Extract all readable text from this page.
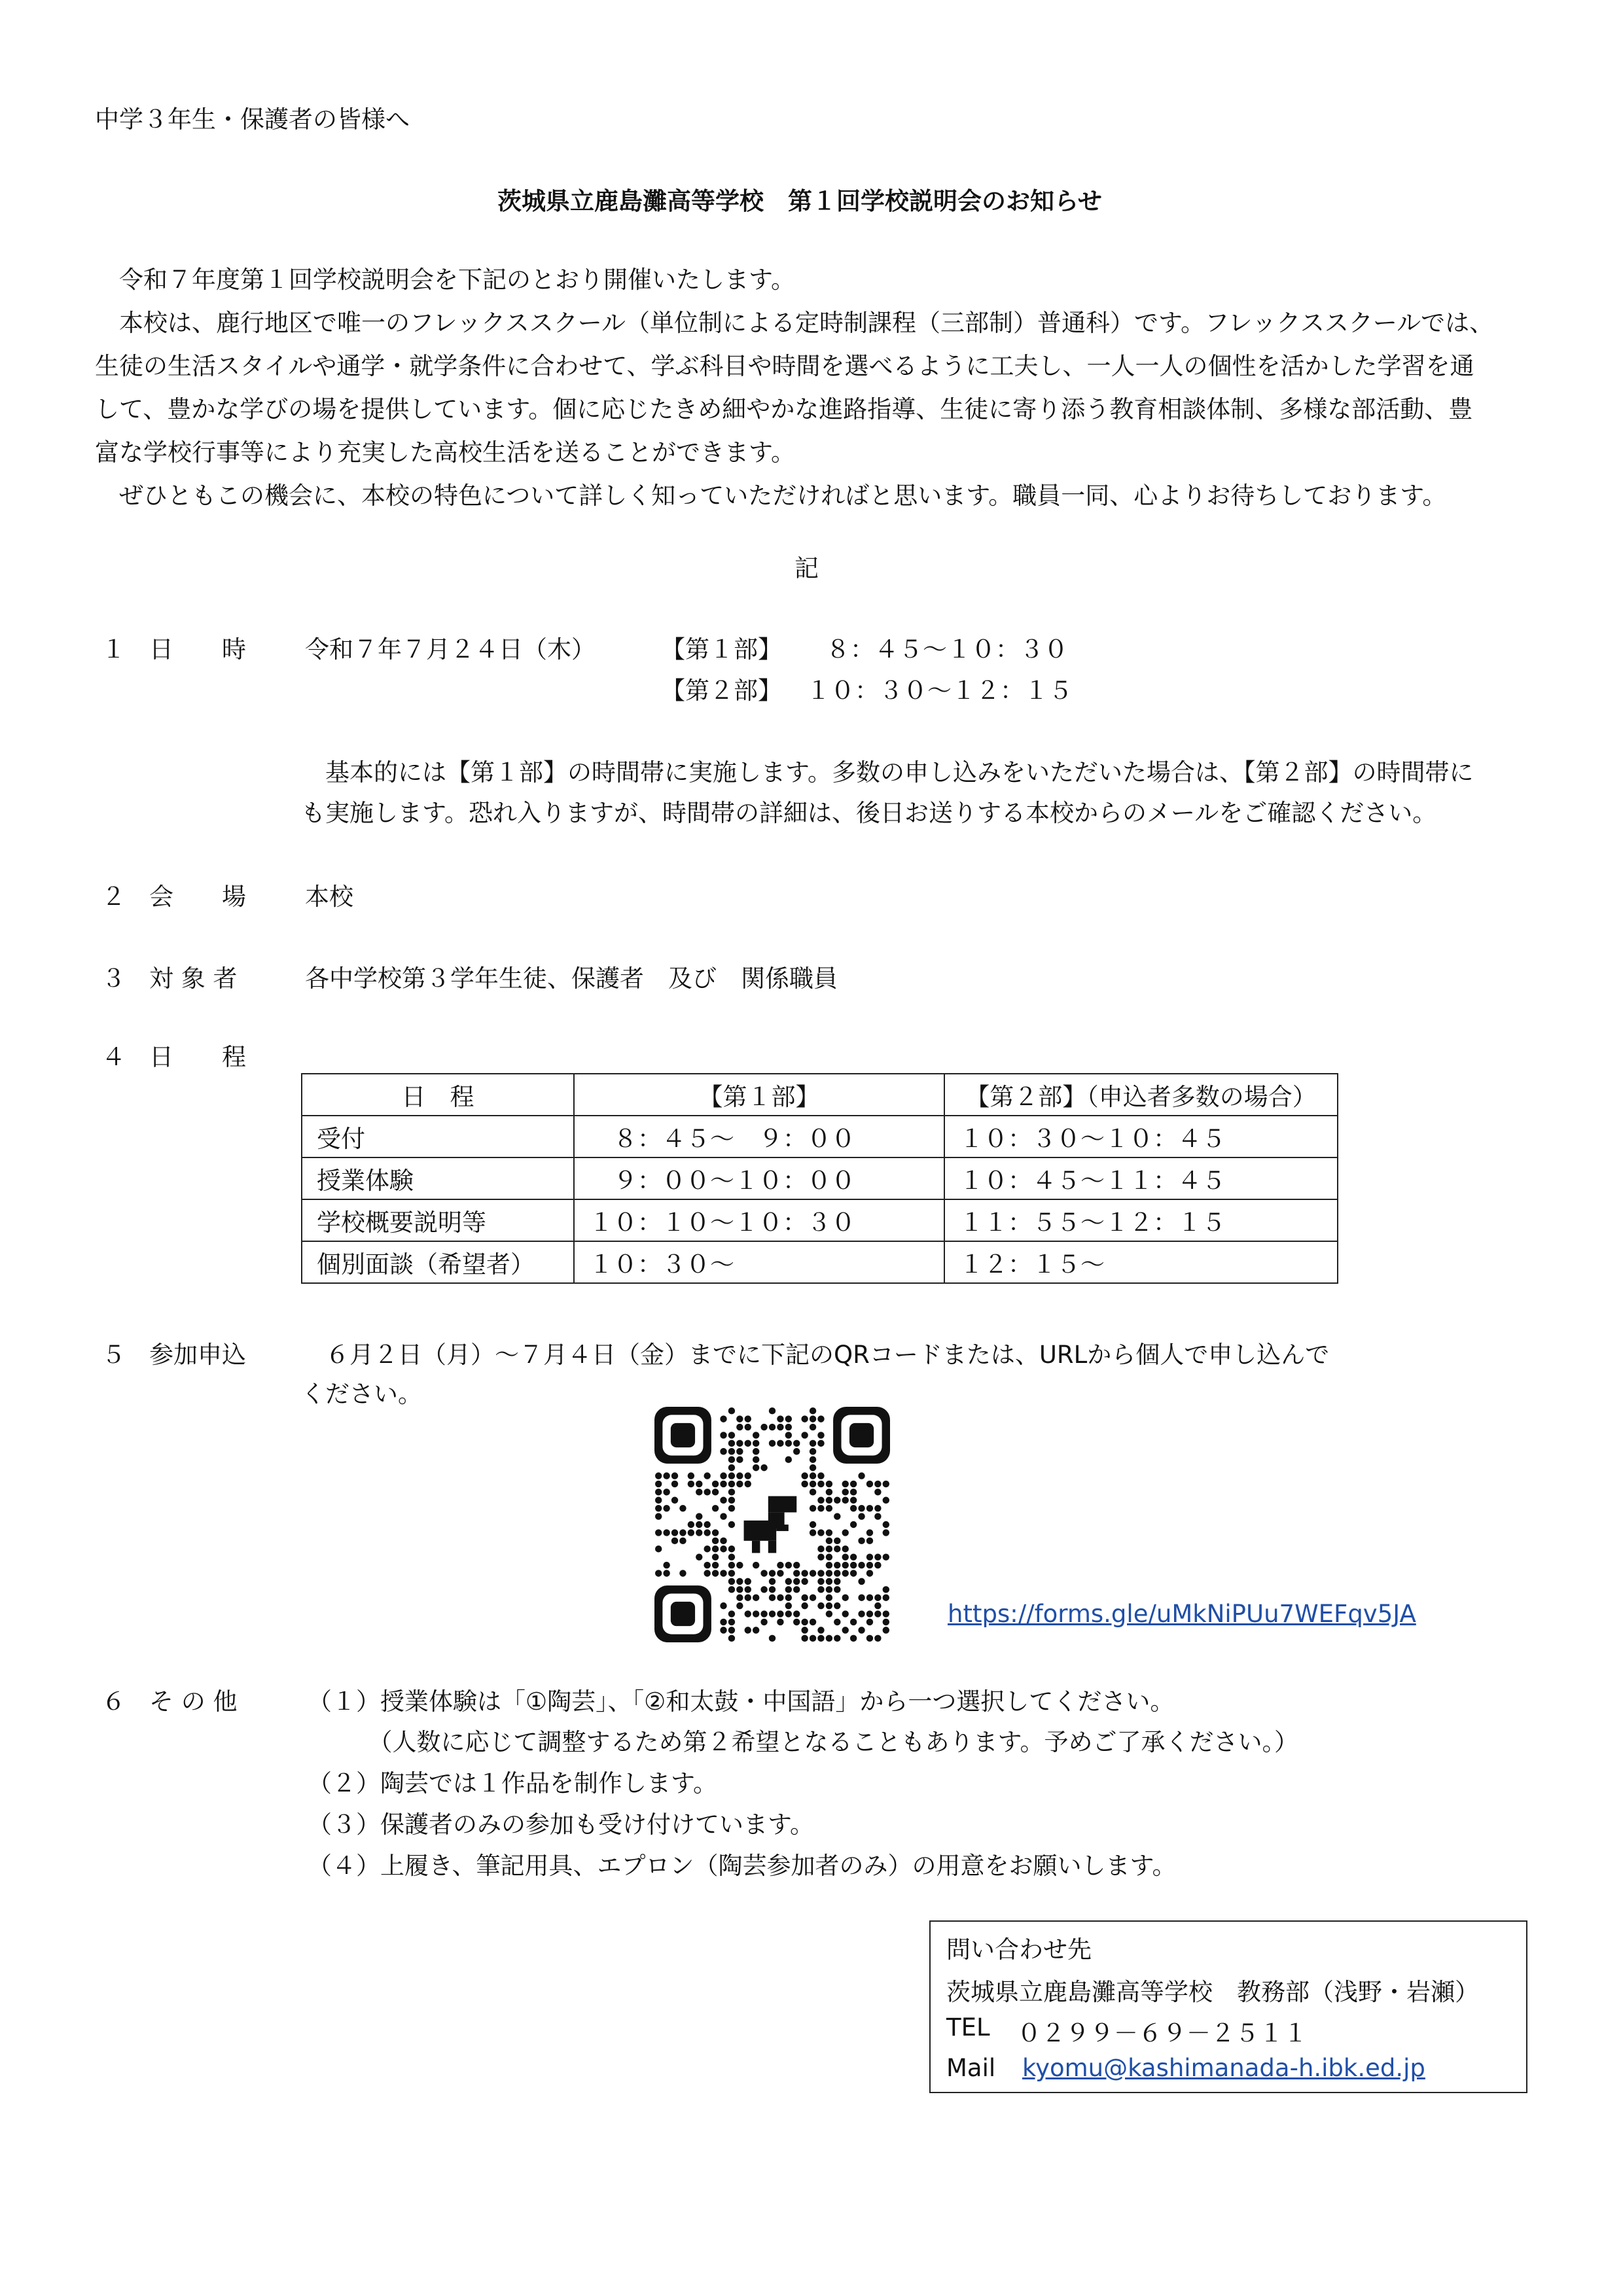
中学３年生・保護者の皆様へ
茨城県立鹿島灘高等学校　第１回学校説明会のお知らせ

　令和７年度第１回学校説明会を下記のとおり開催いたします。

　本校は、鹿行地区で唯一のフレックススクール（単位制による定時制課程（三部制）普通科）です。フレックススクールでは、

生徒の生活スタイルや通学・就学条件に合わせて、学ぶ科目や時間を選べるように工夫し、一人一人の個性を活かした学習を通

して、豊かな学びの場を提供しています。個に応じたきめ細やかな進路指導、生徒に寄り添う教育相談体制、多様な部活動、豊

富な学校行事等により充実した高校生活を送ることができます。

　ぜひともこの機会に、本校の特色について詳しく知っていただければと思います。職員一同、心よりお待ちしております。

記
１ 日　　時 令和７年７月２４日（木）	【第１部】 ８：４５～１０：３０
【第２部】 １０：３０～１２：１５
　基本的には【第１部】の時間帯に実施します。多数の申し込みをいただいた場合は、【第２部】の時間帯に
も実施します。恐れ入りますが、時間帯の詳細は、後日お送りする本校からのメールをご確認ください。
２ 会　　場 本校
３ 対 象 者	各中学校第３学年生徒、保護者　及び　関係職員
４ 日　　程
日　程	【第１部】	【第２部】（申込者多数の場合）
受付	　８：４５～　９：００	１０：３０～１０：４５
授業体験	　９：００～１０：００	１０：４５～１１：４５
学校概要説明等	１０：１０～１０：３０	１１：５５～１２：１５
個別面談（希望者）	１０：３０～	１２：１５～
５ 参加申込 　６月２日（月）～７月４日（金）までに下記のQRコードまたは、URLから個人で申し込んで
ください。
https://forms.gle/uMkNiPUu7WEFqv5JA
６ そ の 他	（１）授業体験は「①陶芸」、「②和太鼓・中国語」から一つ選択してください。
　　　（人数に応じて調整するため第２希望となることもあります。予めご了承ください。）
（２）陶芸では１作品を制作します。
（３）保護者のみの参加も受け付けています。
（４）上履き、筆記用具、エプロン（陶芸参加者のみ）の用意をお願いします。
問い合わせ先
茨城県立鹿島灘高等学校　教務部（浅野・岩瀬）
TEL ０２９９－６９－２５１１
Mail kyomu@kashimanada-h.ibk.ed.jp
